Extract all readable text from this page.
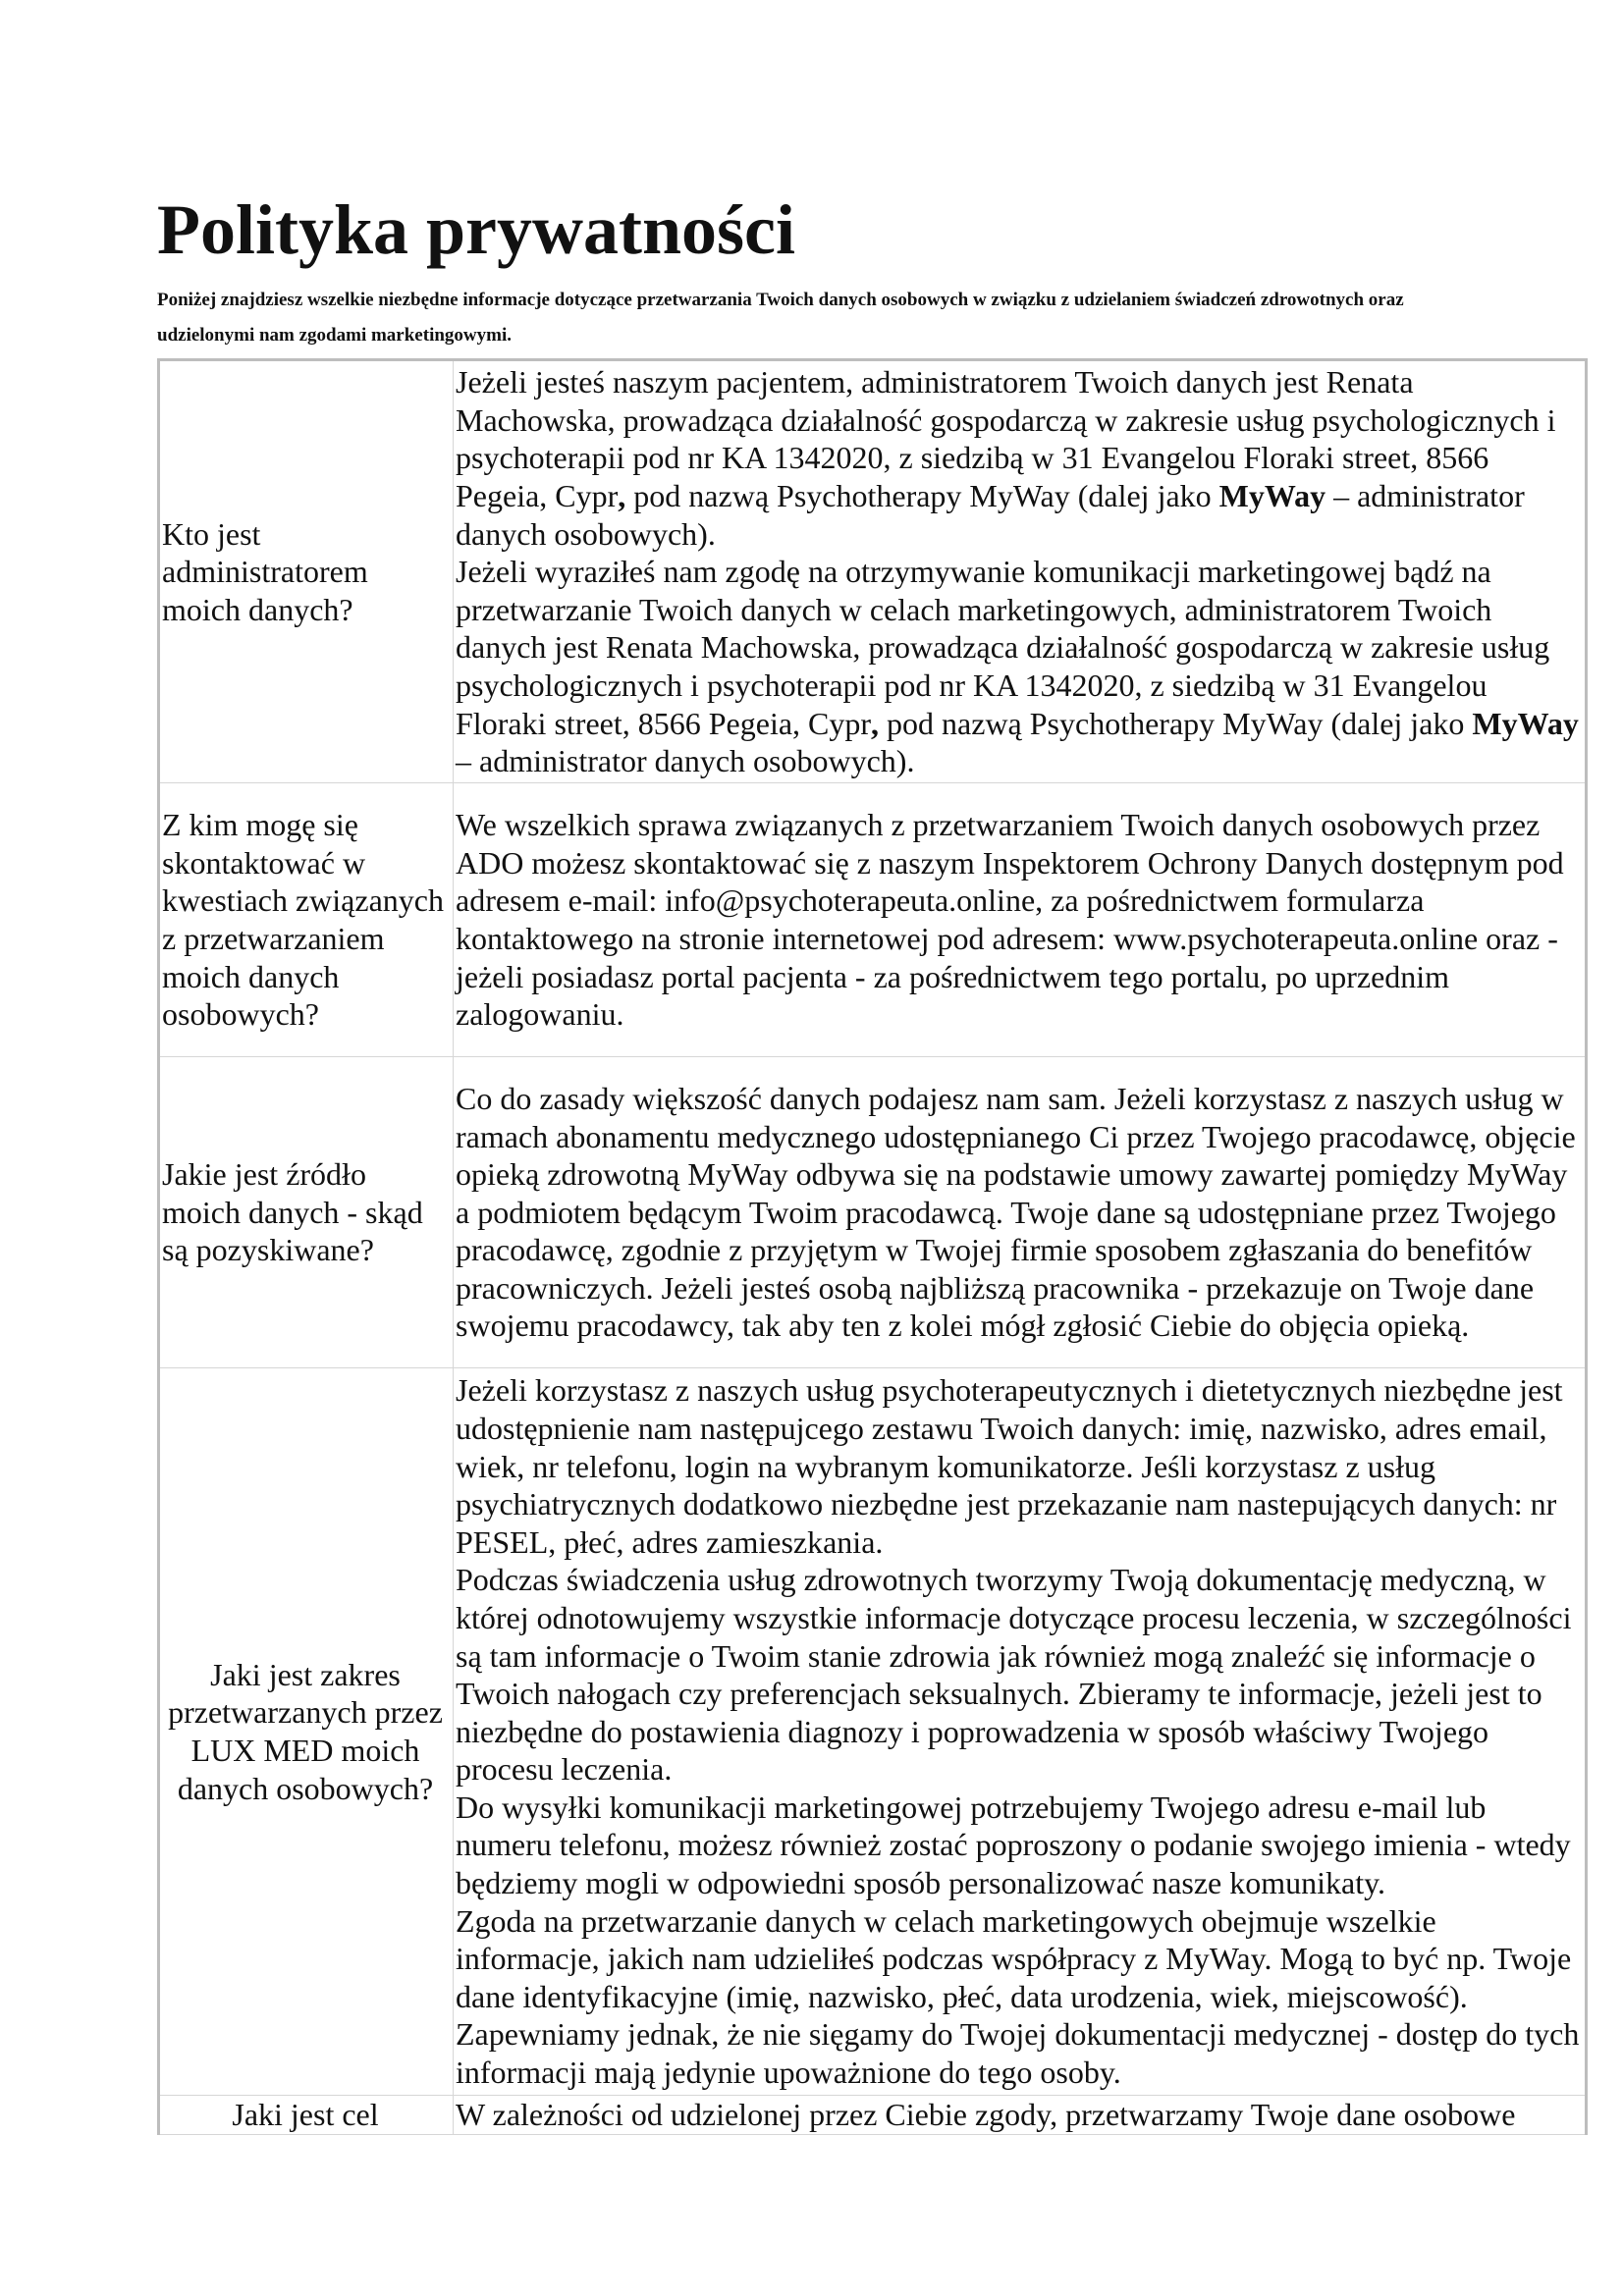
Polityka prywatności

Poniżej znajdziesz wszelkie niezbędne informacje dotyczące przetwarzania Twoich danych osobowych w związku z udzielaniem świadczeń zdrowotnych oraz udzielonymi nam zgodami marketingowymi.

Kto jest administratorem moich danych?	Jeżeli jesteś naszym pacjentem, administratorem Twoich danych jest Renata Machowska, prowadząca działalność gospodarczą w zakresie usług psychologicznych i psychoterapii pod nr KA 1342020, z siedzibą w 31 Evangelou Floraki street, 8566 Pegeia, Cypr, pod nazwą Psychotherapy MyWay (dalej jako MyWay – administrator danych osobowych).
Jeżeli wyraziłeś nam zgodę na otrzymywanie komunikacji marketingowej bądź na przetwarzanie Twoich danych w celach marketingowych, administratorem Twoich danych jest Renata Machowska, prowadząca działalność gospodarczą w zakresie usług psychologicznych i psychoterapii pod nr KA 1342020, z siedzibą w 31 Evangelou Floraki street, 8566 Pegeia, Cypr, pod nazwą Psychotherapy MyWay (dalej jako MyWay – administrator danych osobowych).

Z kim mogę się skontaktować w kwestiach związanych z przetwarzaniem moich danych osobowych?	We wszelkich sprawa związanych z przetwarzaniem Twoich danych osobowych przez ADO możesz skontaktować się z naszym Inspektorem Ochrony Danych dostępnym pod adresem e-mail: info@psychoterapeuta.online, za pośrednictwem formularza kontaktowego na stronie internetowej pod adresem: www.psychoterapeuta.online oraz - jeżeli posiadasz portal pacjenta - za pośrednictwem tego portalu, po uprzednim zalogowaniu.
Jakie jest źródło moich danych - skąd są pozyskiwane?	Co do zasady większość danych podajesz nam sam. Jeżeli korzystasz z naszych usług w ramach abonamentu medycznego udostępnianego Ci przez Twojego pracodawcę, objęcie opieką zdrowotną MyWay odbywa się na podstawie umowy zawartej pomiędzy MyWay a podmiotem będącym Twoim pracodawcą. Twoje dane są udostępniane przez Twojego pracodawcę, zgodnie z przyjętym w Twojej firmie sposobem zgłaszania do benefitów pracowniczych. Jeżeli jesteś osobą najbliższą pracownika - przekazuje on Twoje dane swojemu pracodawcy, tak aby ten z kolei mógł zgłosić Ciebie do objęcia opieką.
Jaki jest zakres przetwarzanych przez LUX MED moich danych osobowych?	Jeżeli korzystasz z naszych usług psychoterapeutycznych i dietetycznych niezbędne jest udostępnienie nam następujcego zestawu Twoich danych: imię, nazwisko, adres email, wiek, nr telefonu, login na wybranym komunikatorze. Jeśli korzystasz z usług psychiatrycznych dodatkowo niezbędne jest przekazanie nam nastepujących danych: nr PESEL, płeć, adres zamieszkania.
Podczas świadczenia usług zdrowotnych tworzymy Twoją dokumentację medyczną, w której odnotowujemy wszystkie informacje dotyczące procesu leczenia, w szczególności są tam informacje o Twoim stanie zdrowia jak również mogą znaleźć się informacje o Twoich nałogach czy preferencjach seksualnych. Zbieramy te informacje, jeżeli jest to niezbędne do postawienia diagnozy i poprowadzenia w sposób właściwy Twojego procesu leczenia.
Do wysyłki komunikacji marketingowej potrzebujemy Twojego adresu e-mail lub numeru telefonu, możesz również zostać poproszony o podanie swojego imienia - wtedy będziemy mogli w odpowiedni sposób personalizować nasze komunikaty.
Zgoda na przetwarzanie danych w celach marketingowych obejmuje wszelkie informacje, jakich nam udzieliłeś podczas współpracy z MyWay. Mogą to być np. Twoje dane identyfikacyjne (imię, nazwisko, płeć, data urodzenia, wiek, miejscowość). Zapewniamy jednak, że nie sięgamy do Twojej dokumentacji medycznej - dostęp do tych informacji mają jedynie upoważnione do tego osoby.

Jaki jest cel	W zależności od udzielonej przez Ciebie zgody, przetwarzamy Twoje dane osobowe
